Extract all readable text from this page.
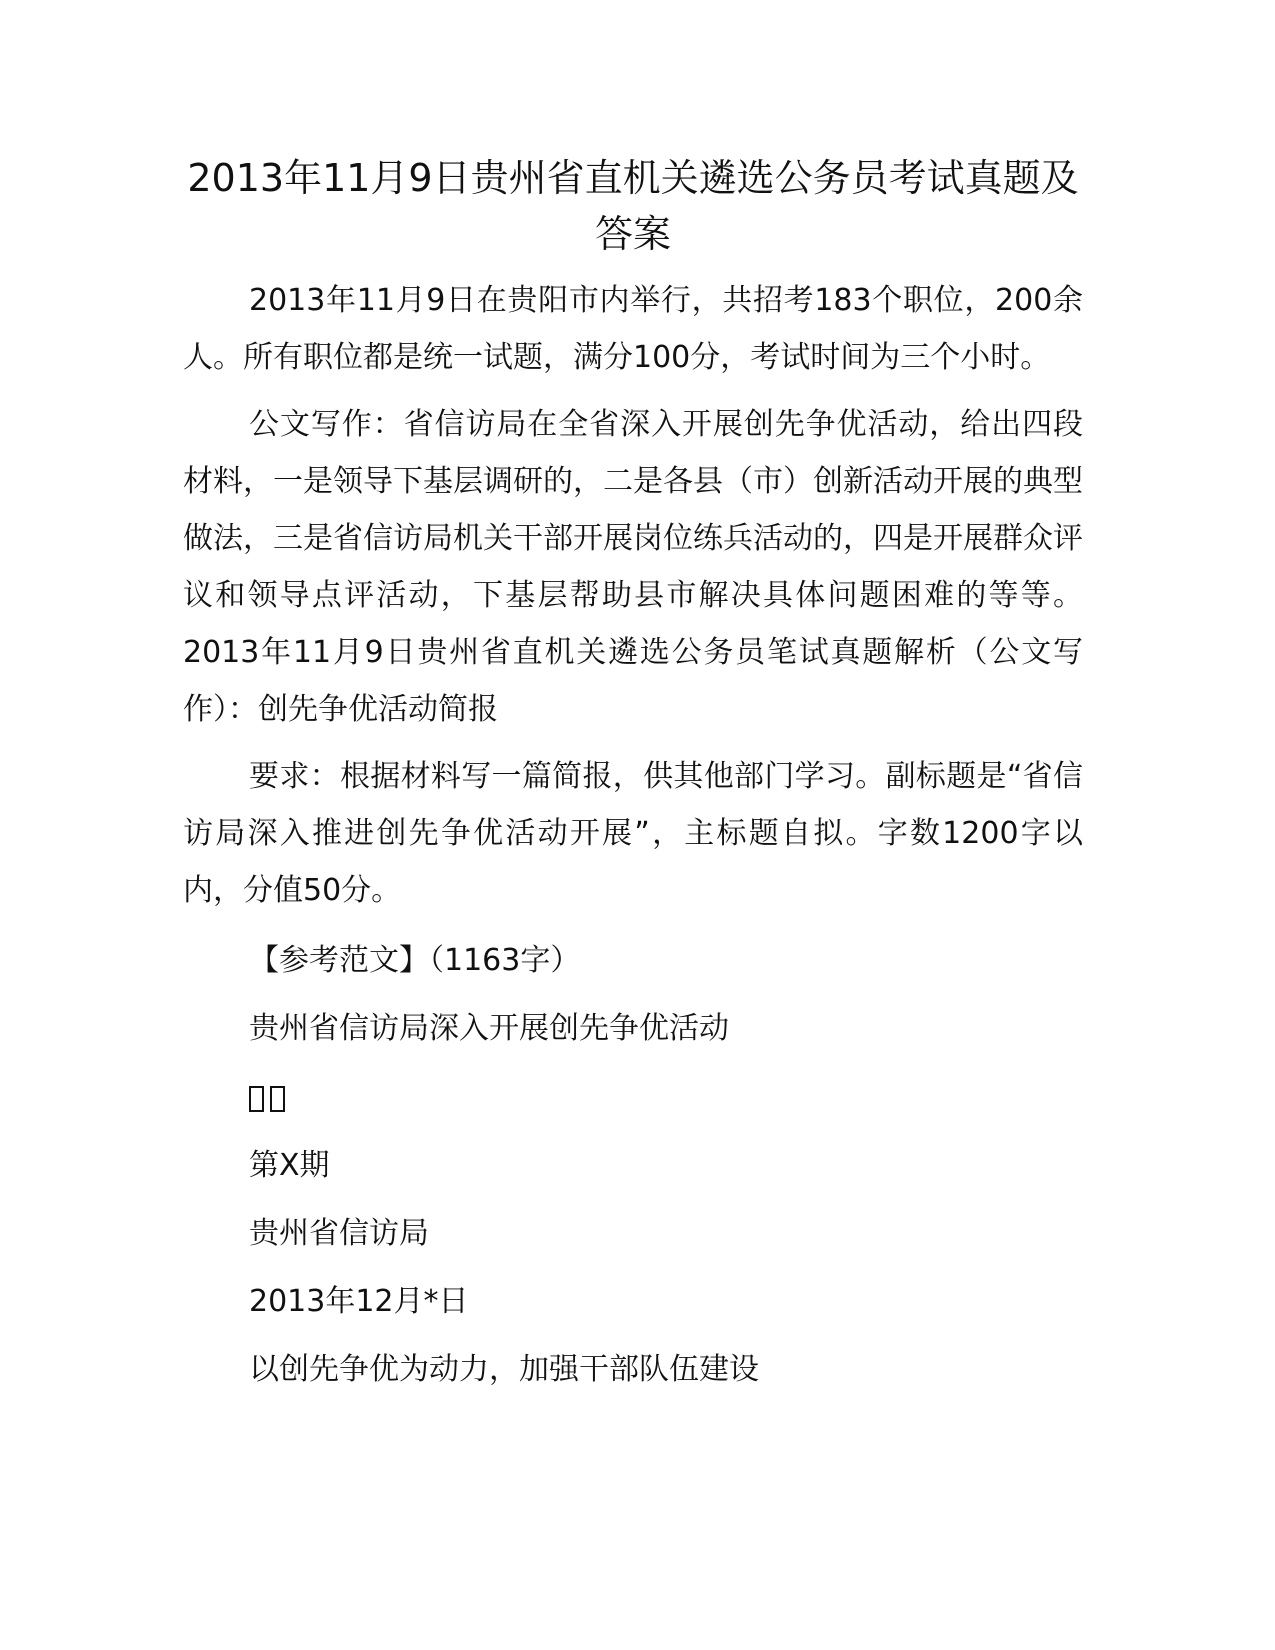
2013年11月9日贵州省直机关遴选公务员考试真题及答案

2013年11月9日在贵阳市内举行，共招考183个职位，200余人。所有职位都是统一试题，满分100分，考试时间为三个小时。

公文写作：省信访局在全省深入开展创先争优活动，给出四段材料，一是领导下基层调研的，二是各县（市）创新活动开展的典型做法，三是省信访局机关干部开展岗位练兵活动的，四是开展群众评议和领导点评活动，下基层帮助县市解决具体问题困难的等等。2013年11月9日贵州省直机关遴选公务员笔试真题解析（公文写作）：创先争优活动简报

要求：根据材料写一篇简报，供其他部门学习。副标题是“省信访局深入推进创先争优活动开展”，主标题自拟。字数1200字以内，分值50分。

【参考范文】（1163字）

贵州省信访局深入开展创先争优活动

第X期

贵州省信访局

2013年12月*日

以创先争优为动力，加强干部队伍建设
